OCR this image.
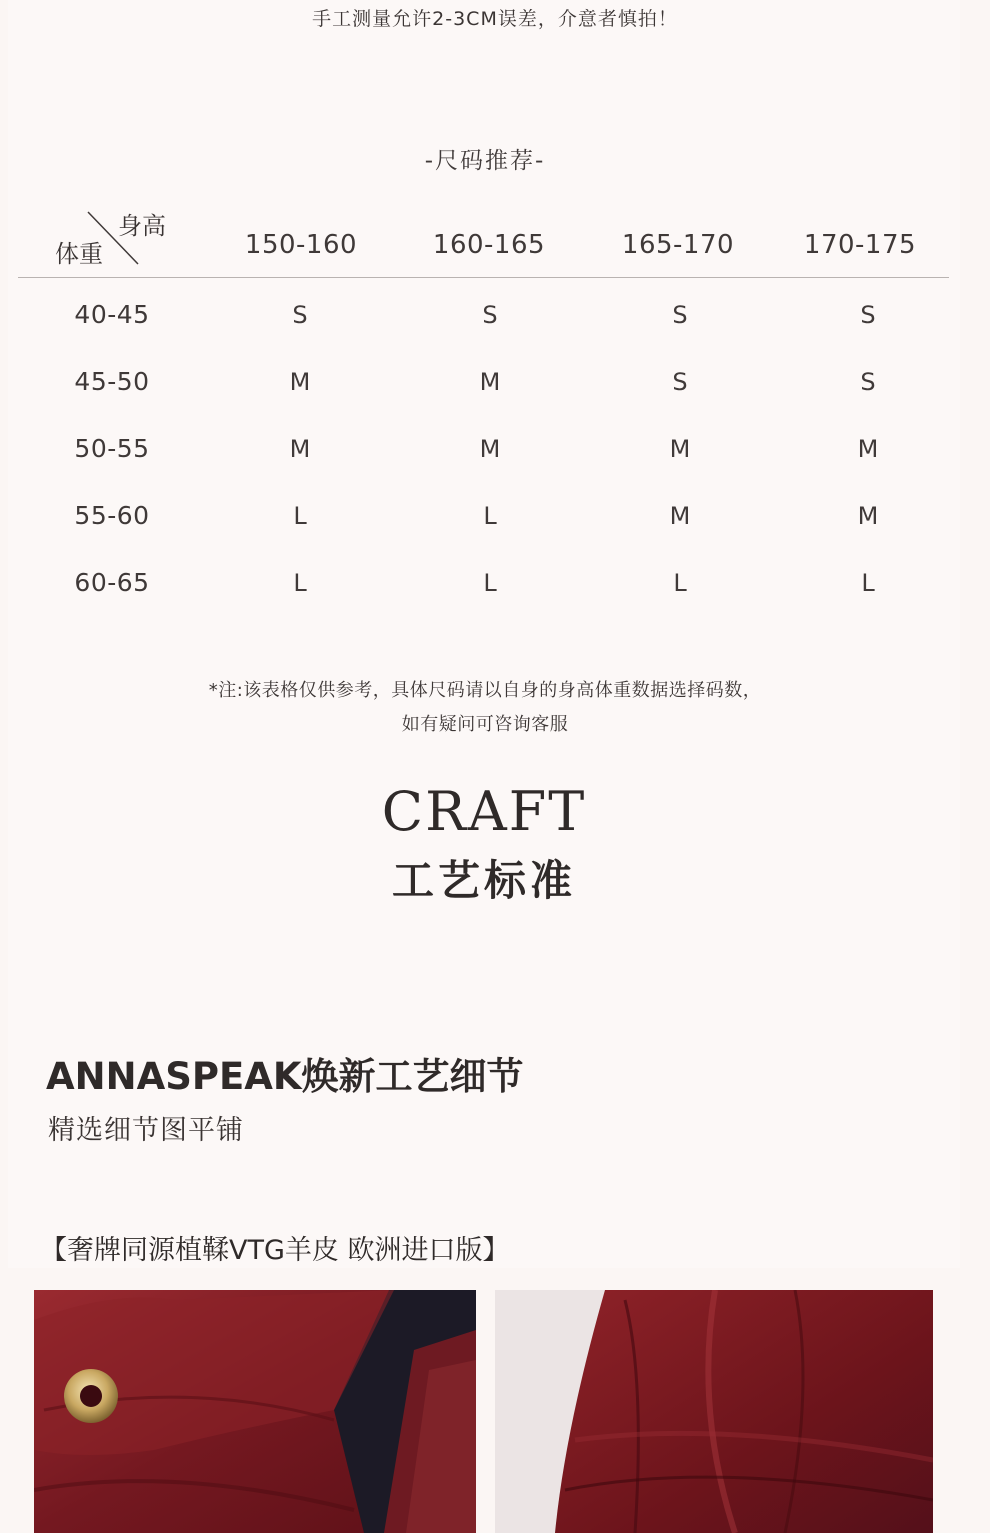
手工测量允许2-3CM误差，介意者慎拍！
-尺码推荐-
身高
体重	150-160	160-165	165-170	170-175
40-45	S	S	S	S
45-50	M	M	S	S
50-55	M	M	M	M
55-60	L	L	M	M
60-65	L	L	L	L
*注:该表格仅供参考，具体尺码请以自身的身高体重数据选择码数，
如有疑问可咨询客服
CRAFT
工艺标准
ANNASPEAK焕新工艺细节
精选细节图平铺
【奢牌同源植鞣VTG羊皮 欧洲进口版】
